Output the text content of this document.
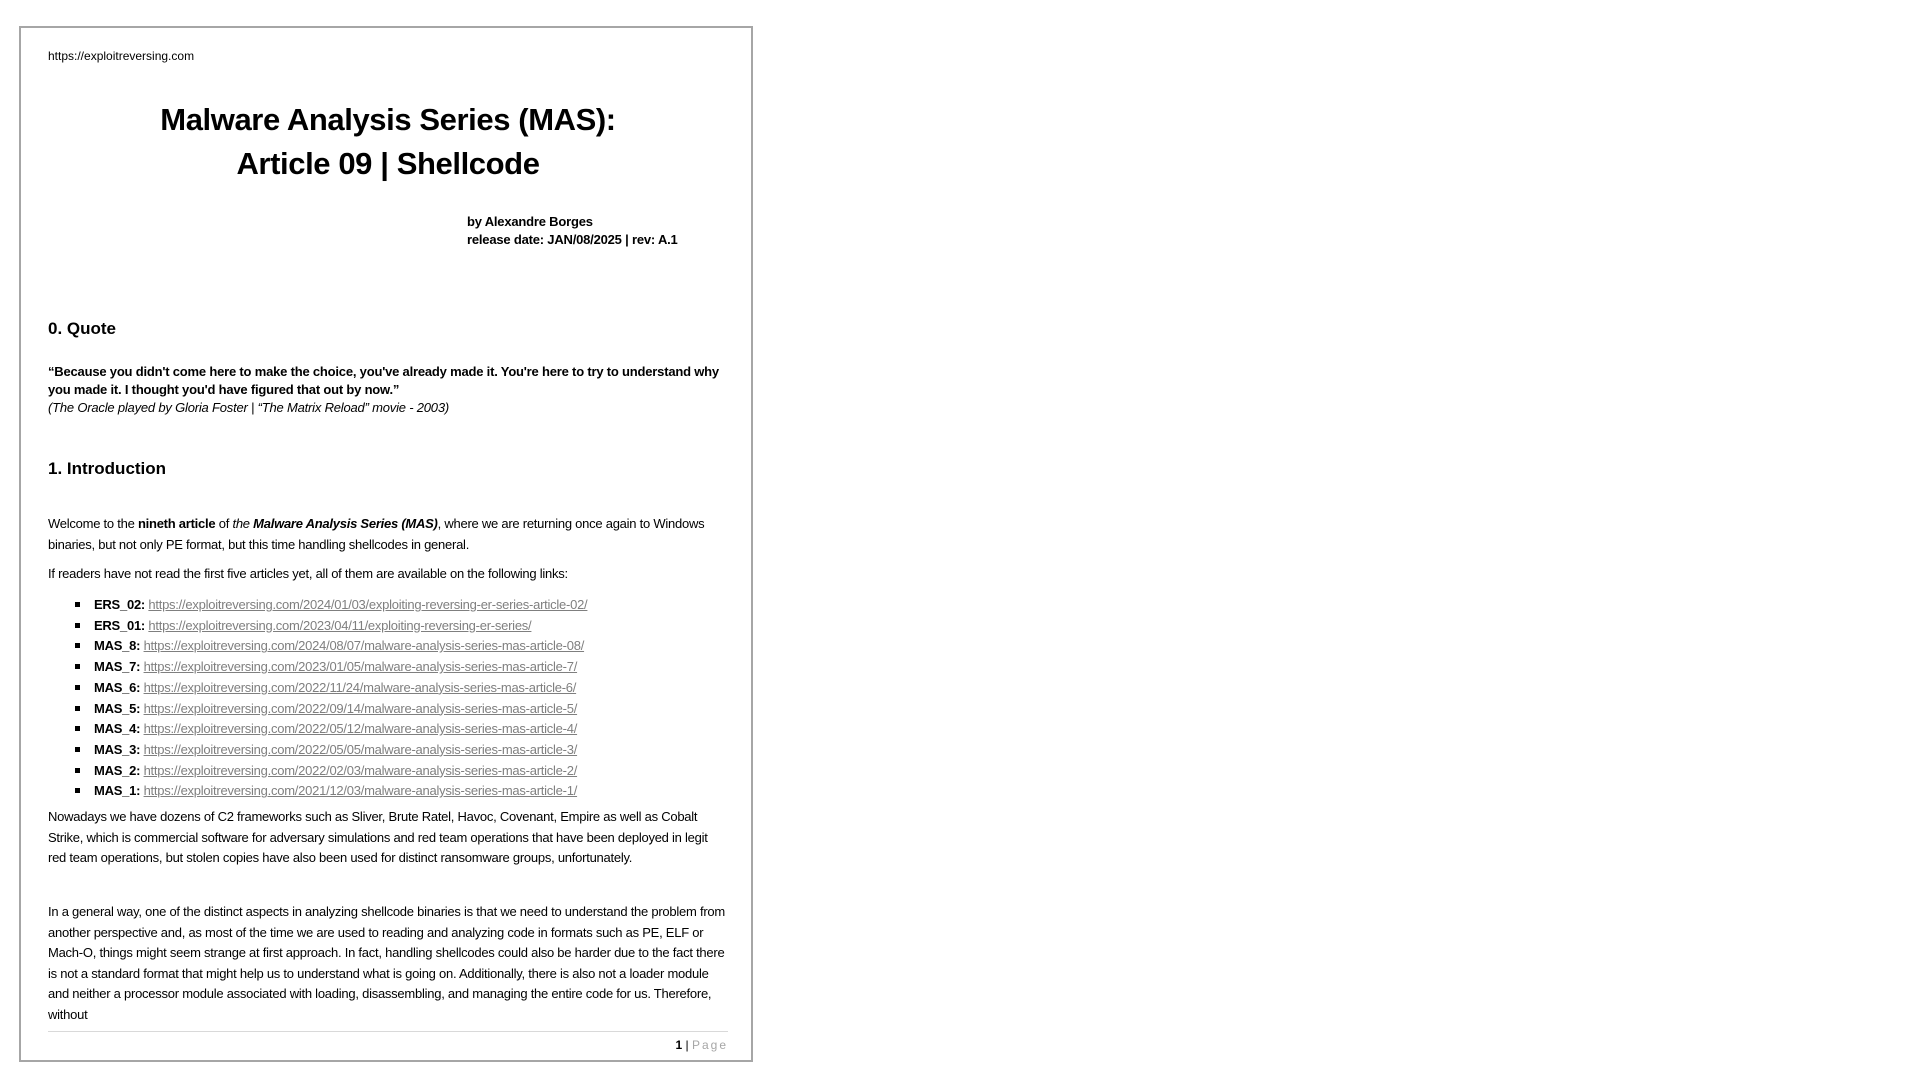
https://exploitreversing.com
Malware Analysis Series (MAS):
Article 09 | Shellcode
by Alexandre Borges
release date: JAN/08/2025 | rev: A.1
0. Quote
“Because you didn't come here to make the choice, you've already made it. You're here to try to understand why you made it. I thought you'd have figured that out by now.”
(The Oracle played by Gloria Foster | “The Matrix Reload” movie - 2003)
1. Introduction
Welcome to the nineth article of the Malware Analysis Series (MAS), where we are returning once again to Windows binaries, but not only PE format, but this time handling shellcodes in general.
If readers have not read the first five articles yet, all of them are available on the following links:
ERS_02: https://exploitreversing.com/2024/01/03/exploiting-reversing-er-series-article-02/
ERS_01: https://exploitreversing.com/2023/04/11/exploiting-reversing-er-series/
MAS_8: https://exploitreversing.com/2024/08/07/malware-analysis-series-mas-article-08/
MAS_7: https://exploitreversing.com/2023/01/05/malware-analysis-series-mas-article-7/
MAS_6: https://exploitreversing.com/2022/11/24/malware-analysis-series-mas-article-6/
MAS_5: https://exploitreversing.com/2022/09/14/malware-analysis-series-mas-article-5/
MAS_4: https://exploitreversing.com/2022/05/12/malware-analysis-series-mas-article-4/
MAS_3: https://exploitreversing.com/2022/05/05/malware-analysis-series-mas-article-3/
MAS_2: https://exploitreversing.com/2022/02/03/malware-analysis-series-mas-article-2/
MAS_1: https://exploitreversing.com/2021/12/03/malware-analysis-series-mas-article-1/
Nowadays we have dozens of C2 frameworks such as Sliver, Brute Ratel, Havoc, Covenant, Empire as well as Cobalt Strike, which is commercial software for adversary simulations and red team operations that have been deployed in legit red team operations, but stolen copies have also been used for distinct ransomware groups, unfortunately.
In a general way, one of the distinct aspects in analyzing shellcode binaries is that we need to understand the problem from another perspective and, as most of the time we are used to reading and analyzing code in formats such as PE, ELF or Mach-O, things might seem strange at first approach. In fact, handling shellcodes could also be harder due to the fact there is not a standard format that might help us to understand what is going on. Additionally, there is also not a loader module and neither a processor module associated with loading, disassembling, and managing the entire code for us. Therefore, without
1 | Page
